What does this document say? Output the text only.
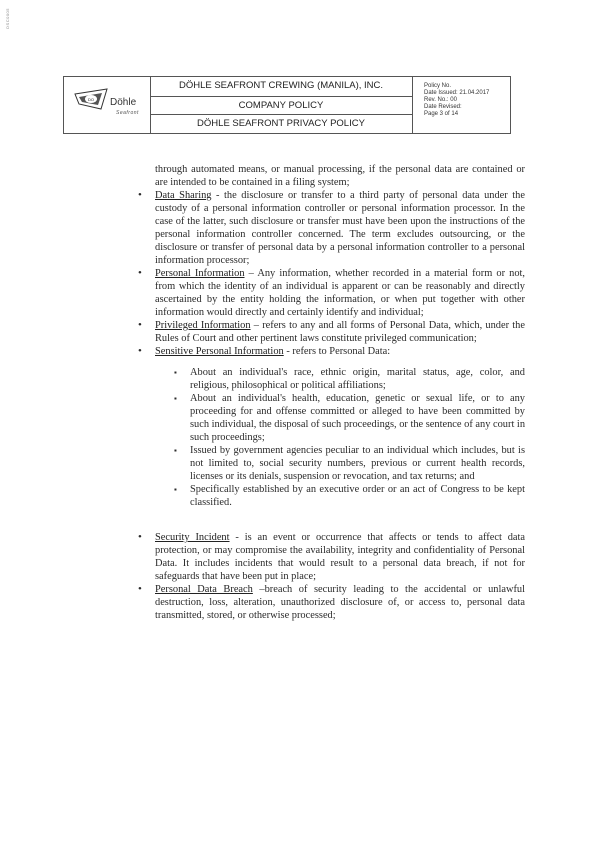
DSC0005
DO Döhle
Seafront
DÖHLE SEAFRONT CREWING (MANILA), INC.
COMPANY POLICY
DÖHLE SEAFRONT PRIVACY POLICY
Policy No.
Date Issued: 21.04.2017
Rev. No.: 00
Date Revised:
Page 3 of 14

through automated means, or manual processing, if the personal data are contained or are intended to be contained in a filing system;

• Data Sharing - the disclosure or transfer to a third party of personal data under the custody of a personal information controller or personal information processor. In the case of the latter, such disclosure or transfer must have been upon the instructions of the personal information controller concerned. The term excludes outsourcing, or the disclosure or transfer of personal data by a personal information controller to a personal information processor;
• Personal Information – Any information, whether recorded in a material form or not, from which the identity of an individual is apparent or can be reasonably and directly ascertained by the entity holding the information, or when put together with other information would directly and certainly identify and individual;
• Privileged Information – refers to any and all forms of Personal Data, which, under the Rules of Court and other pertinent laws constitute privileged communication;
• Sensitive Personal Information - refers to Personal Data:
▪ About an individual's race, ethnic origin, marital status, age, color, and religious, philosophical or political affiliations;
▪ About an individual's health, education, genetic or sexual life, or to any proceeding for and offense committed or alleged to have been committed by such individual, the disposal of such proceedings, or the sentence of any court in such proceedings;
▪ Issued by government agencies peculiar to an individual which includes, but is not limited to, social security numbers, previous or current health records, licenses or its denials, suspension or revocation, and tax returns; and
▪ Specifically established by an executive order or an act of Congress to be kept classified.
• Security Incident - is an event or occurrence that affects or tends to affect data protection, or may compromise the availability, integrity and confidentiality of Personal Data. It includes incidents that would result to a personal data breach, if not for safeguards that have been put in place;
• Personal Data Breach –breach of security leading to the accidental or unlawful destruction, loss, alteration, unauthorized disclosure of, or access to, personal data transmitted, stored, or otherwise processed;
